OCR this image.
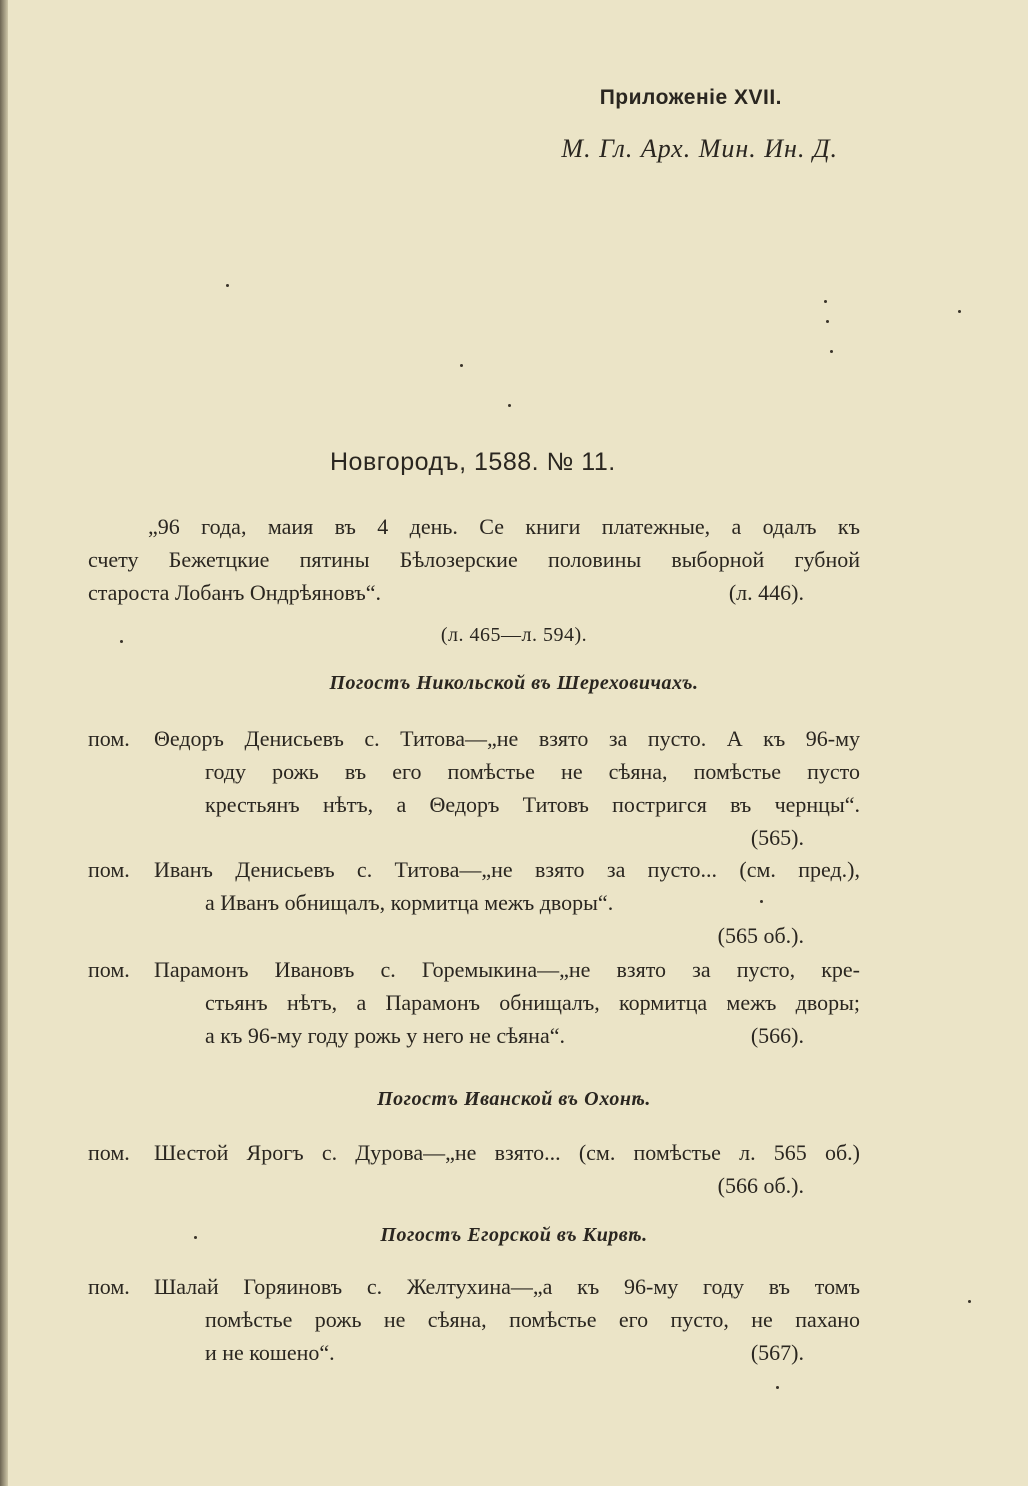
Приложеніе XVII.
М. Гл. Арх. Мин. Ин. Д.
Новгородъ, 1588. № 11.
„96 года, маия въ 4 день. Се книги платежные, а одалъ къ
счету Бежетцкие пятины Бѣлозерские половины выборной губной
староста Лобанъ Ондрѣяновъ“.	(л. 446).
(л. 465—л. 594).
Погостъ Никольской въ Шереховичахъ.
пом.	Θедоръ Денисьевъ с. Титова—„не взято за пусто. А къ 96-му
году рожь въ его помѣстье не сѣяна, помѣстье пусто
крестьянъ нѣтъ, а Θедоръ Титовъ постригся въ чернцы“.
(565).
пом.	Иванъ Денисьевъ с. Титова—„не взято за пусто... (см. пред.),
а Иванъ обнищалъ, кормитца межъ дворы“.
(565 об.).
пом.	Парамонъ Ивановъ с. Горемыкина—„не взято за пусто, кре-
стьянъ нѣтъ, а Парамонъ обнищалъ, кормитца межъ дворы;
а къ 96-му году рожь у него не сѣяна“.	(566).
Погостъ Иванской въ Охонѣ.
пом.	Шестой Ярогъ с. Дурова—„не взято... (см. помѣстье л. 565 об.)
(566 об.).
Погостъ Егорской въ Кирвѣ.
пом.	Шалай Горяиновъ с. Желтухина—„а къ 96-му году въ томъ
помѣстье рожь не сѣяна, помѣстье его пусто, не пахано
и не кошено“.	(567).
